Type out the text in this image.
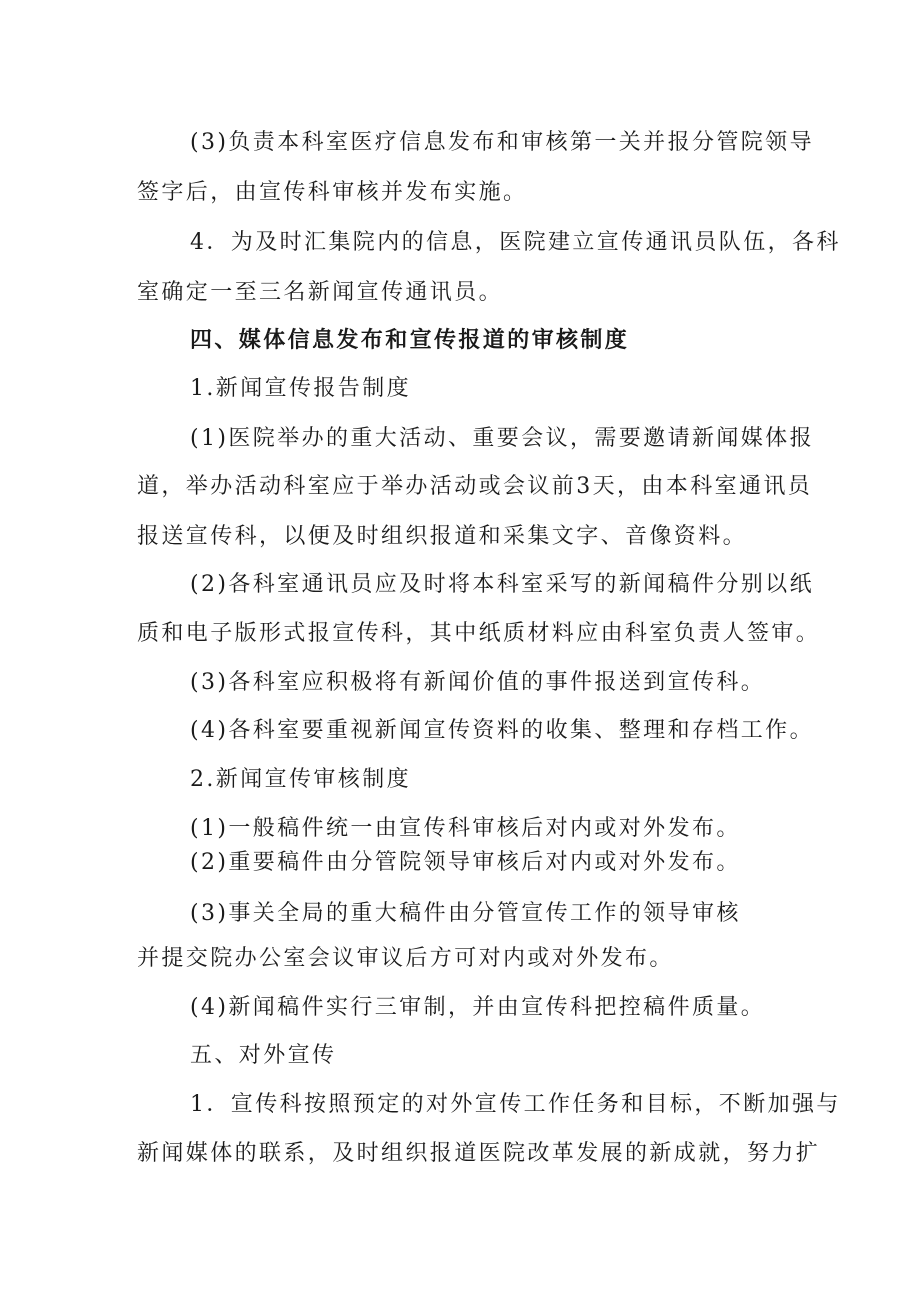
(3)负责本科室医疗信息发布和审核第一关并报分管院领导
签字后，由宣传科审核并发布实施。
4．为及时汇集院内的信息，医院建立宣传通讯员队伍，各科
室确定一至三名新闻宣传通讯员。
四、媒体信息发布和宣传报道的审核制度
1.新闻宣传报告制度
(1)医院举办的重大活动、重要会议，需要邀请新闻媒体报
道，举办活动科室应于举办活动或会议前3天，由本科室通讯员
报送宣传科，以便及时组织报道和采集文字、音像资料。
(2)各科室通讯员应及时将本科室采写的新闻稿件分别以纸
质和电子版形式报宣传科，其中纸质材料应由科室负责人签审。
(3)各科室应积极将有新闻价值的事件报送到宣传科。
(4)各科室要重视新闻宣传资料的收集、整理和存档工作。
2.新闻宣传审核制度
(1)一般稿件统一由宣传科审核后对内或对外发布。
(2)重要稿件由分管院领导审核后对内或对外发布。
(3)事关全局的重大稿件由分管宣传工作的领导审核
并提交院办公室会议审议后方可对内或对外发布。
(4)新闻稿件实行三审制，并由宣传科把控稿件质量。
五、对外宣传
1．宣传科按照预定的对外宣传工作任务和目标，不断加强与
新闻媒体的联系，及时组织报道医院改革发展的新成就，努力扩
